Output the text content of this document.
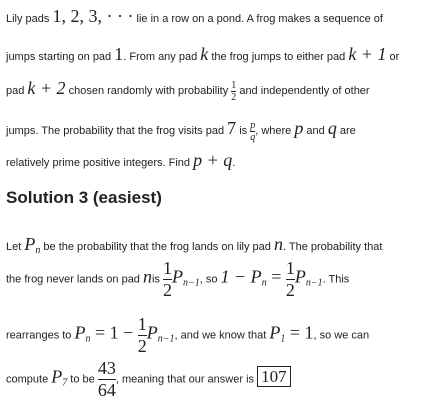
Lily pads 1, 2, 3, · · · lie in a row on a pond. A frog makes a sequence of
jumps starting on pad 1. From any pad k the frog jumps to either pad k + 1 or
pad k + 2 chosen randomly with probability $\frac{1}{2}$ and independently of other
jumps. The probability that the frog visits pad 7 is $\frac{p}{q}$ , where p and q are
relatively prime positive integers. Find p + q.
Solution 3 (easiest)
Let $P_n$ be the probability that the frog lands on lily pad n. The probability that
the frog never lands on pad nis $\frac{1}{2} P_{n-1}$, so $1 - P_n = \frac{1}{2} P_{n-1}$. This
rearranges to $P_n = 1 - \frac{1}{2} P_{n-1}$, and we know that $P_1 = 1$, so we can
compute $P_7$ to be $\frac{43}{64}$ , meaning that our answer is 107
